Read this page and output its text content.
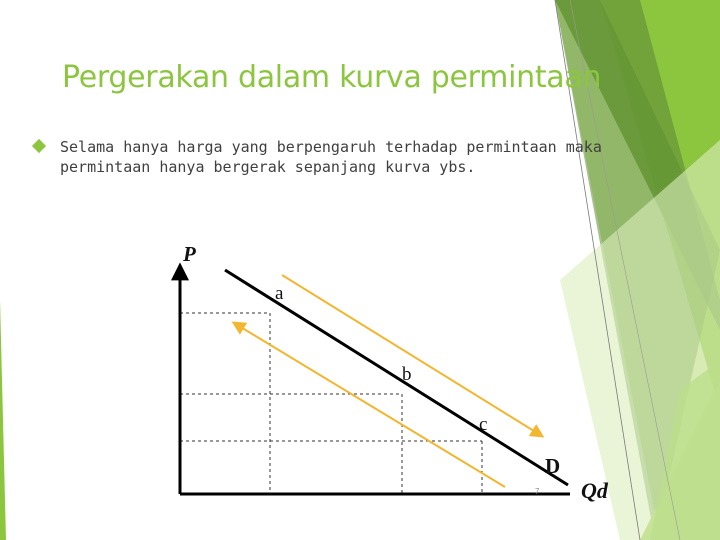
Pergerakan dalam kurva permintaan
Selama hanya harga yang berpengaruh terhadap permintaan maka permintaan hanya bergerak sepanjang kurva ybs.
P
a
b
c
D
Qd
7
